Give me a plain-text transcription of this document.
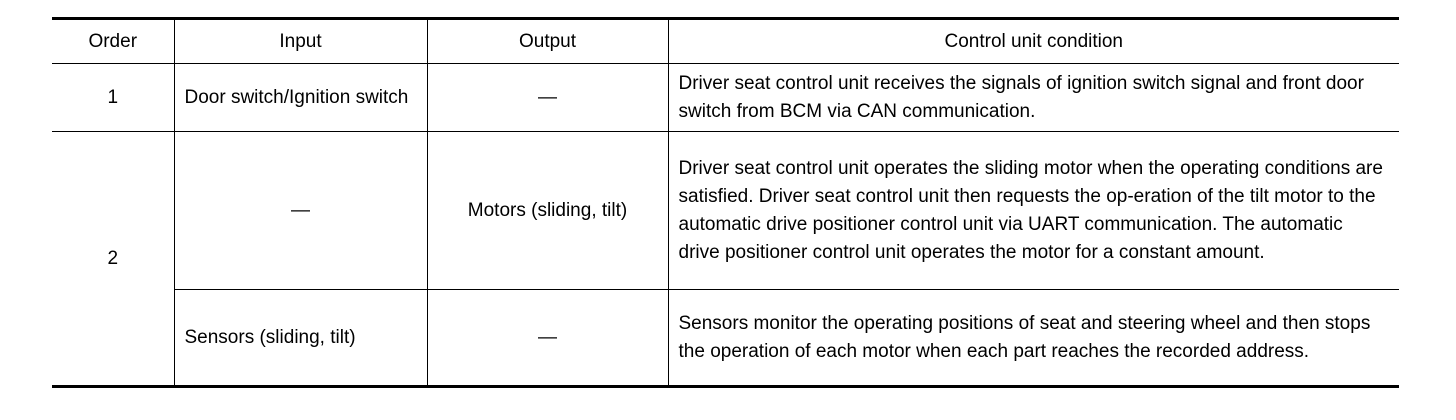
Order	Input	Output	Control unit condition
1	Door switch/Ignition switch	—	Driver seat control unit receives the signals of ignition switch signal and front door switch from BCM via CAN communication.
2	—	Motors (sliding, tilt)	Driver seat control unit operates the sliding motor when the operating conditions are satisfied. Driver seat control unit then requests the op-eration of the tilt motor to the automatic drive positioner control unit via UART communication. The automatic drive positioner control unit operates the motor for a constant amount.
	Sensors (sliding, tilt)	—	Sensors monitor the operating positions of seat and steering wheel and then stops the operation of each motor when each part reaches the recorded address.
